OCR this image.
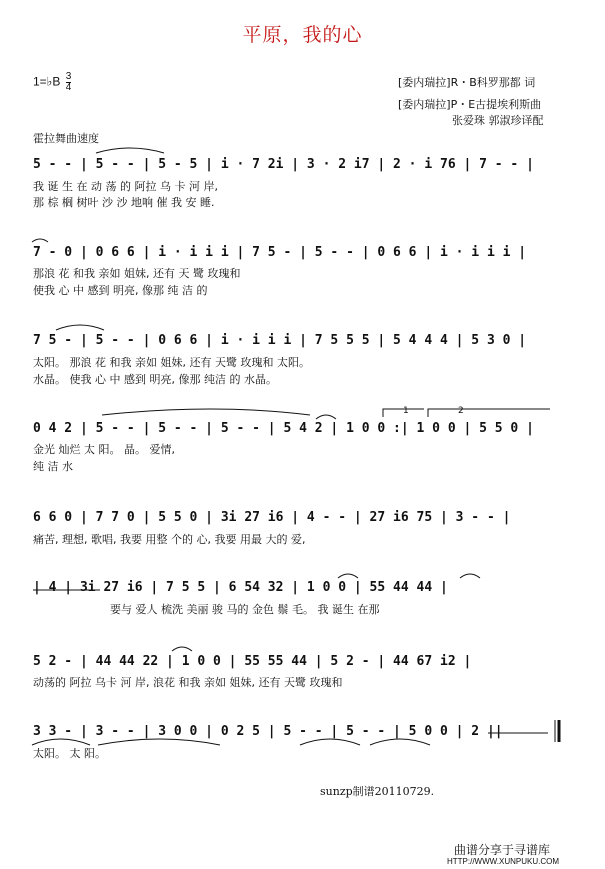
平原，我的心
1=♭B $\frac{3}{4}$	[委内瑞拉]R・B科罗那都 词
[委内瑞拉]P・E古提埃利斯曲
张爱珠 郭淑珍译配
霍拉舞曲速度
5 - - | 5 - - | 5 - 5 | i · 7 2i | 3 · 2 i7 | 2 · i 76 | 7 - - |
我 诞 生 在 动 荡 的 阿拉 乌 卡 河 岸,
那 棕 榈 树叶 沙 沙 地响 催 我 安 睡.
7 - 0 | 0 6 6 | i · i i i | 7 5 - | 5 - - | 0 6 6 | i · i i i |
那浪 花 和我 亲如 姐妹, 还有 天 鹭 玫瑰和
使我 心 中 感到 明亮, 像那 纯 洁 的
7 5 - | 5 - - | 0 6 6 | i · i i i | 7 5 5 5 | 5 4 4 4 | 5 3 0 |
太阳。 那浪 花 和我 亲如 姐妹, 还有 天鹭 玫瑰和 太阳。
水晶。 使我 心 中 感到 明亮, 像那 纯洁 的 水晶。
1	2
0 4 2 | 5 - - | 5 - - | 5 - - | 5 4 2 | 1 0 0 :| 1 0 0 | 5 5 0 |
金光 灿烂 太 阳。 晶。 爱情,
纯 洁 水
6 6 0 | 7 7 0 | 5 5 0 | 3i 27 i6 | 4 - - | 27 i6 75 | 3 - - |
痛苦, 理想, 歌唱, 我要 用整 个的 心, 我要 用最 大的 爱,
| 4 | 3i 27 i6 | 7 5 5 | 6 54 32 | 1 0 0 | 55 44 44 |
要与 爱人 梳洗 美丽 骏 马的 金色 鬃 毛。 我 诞生 在那
5 2 - | 44 44 22 | 1 0 0 | 55 55 44 | 5 2 - | 44 67 i2 |
动荡的 阿拉 乌卡 河 岸, 浪花 和我 亲如 姐妹, 还有 天鹭 玫瑰和
3 3 - | 3 - - | 3 0 0 | 0 2 5 | 5 - - | 5 - - | 5 0 0 | 2 ||
太阳。 太 阳。
sunzp制谱20110729.
曲谱分享于寻谱库
HTTP://WWW.XUNPUKU.COM
